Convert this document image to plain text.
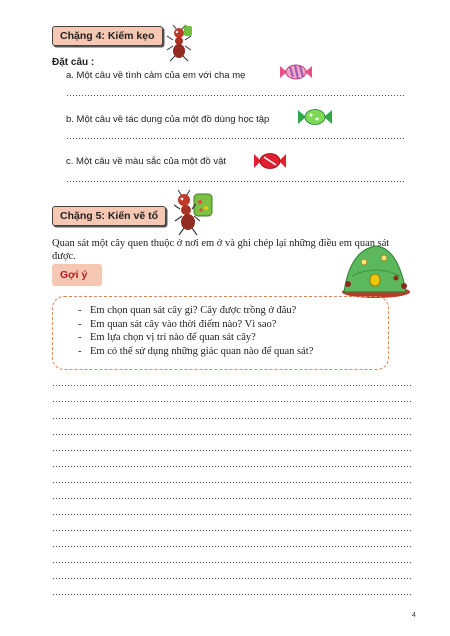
Chặng 4: Kiếm kẹo
Đặt câu :
a. Một câu về tình cảm của em với cha mẹ
b. Một câu về tác dụng của một đồ dùng học tập
c. Một câu về màu sắc của một đồ vật
Chặng 5: Kiến vẽ tổ
Quan sát một cây quen thuộc ở nơi em ở và ghi chép lại những điều em quan sát
được.
Gợi ý
- Em chọn quan sát cây gì? Cây được trồng ở đâu?
- Em quan sát cây vào thời điểm nào? Vì sao?
- Em lựa chọn vị trí nào để quan sát cây?
- Em có thể sử dụng những giác quan nào để quan sát?
4
